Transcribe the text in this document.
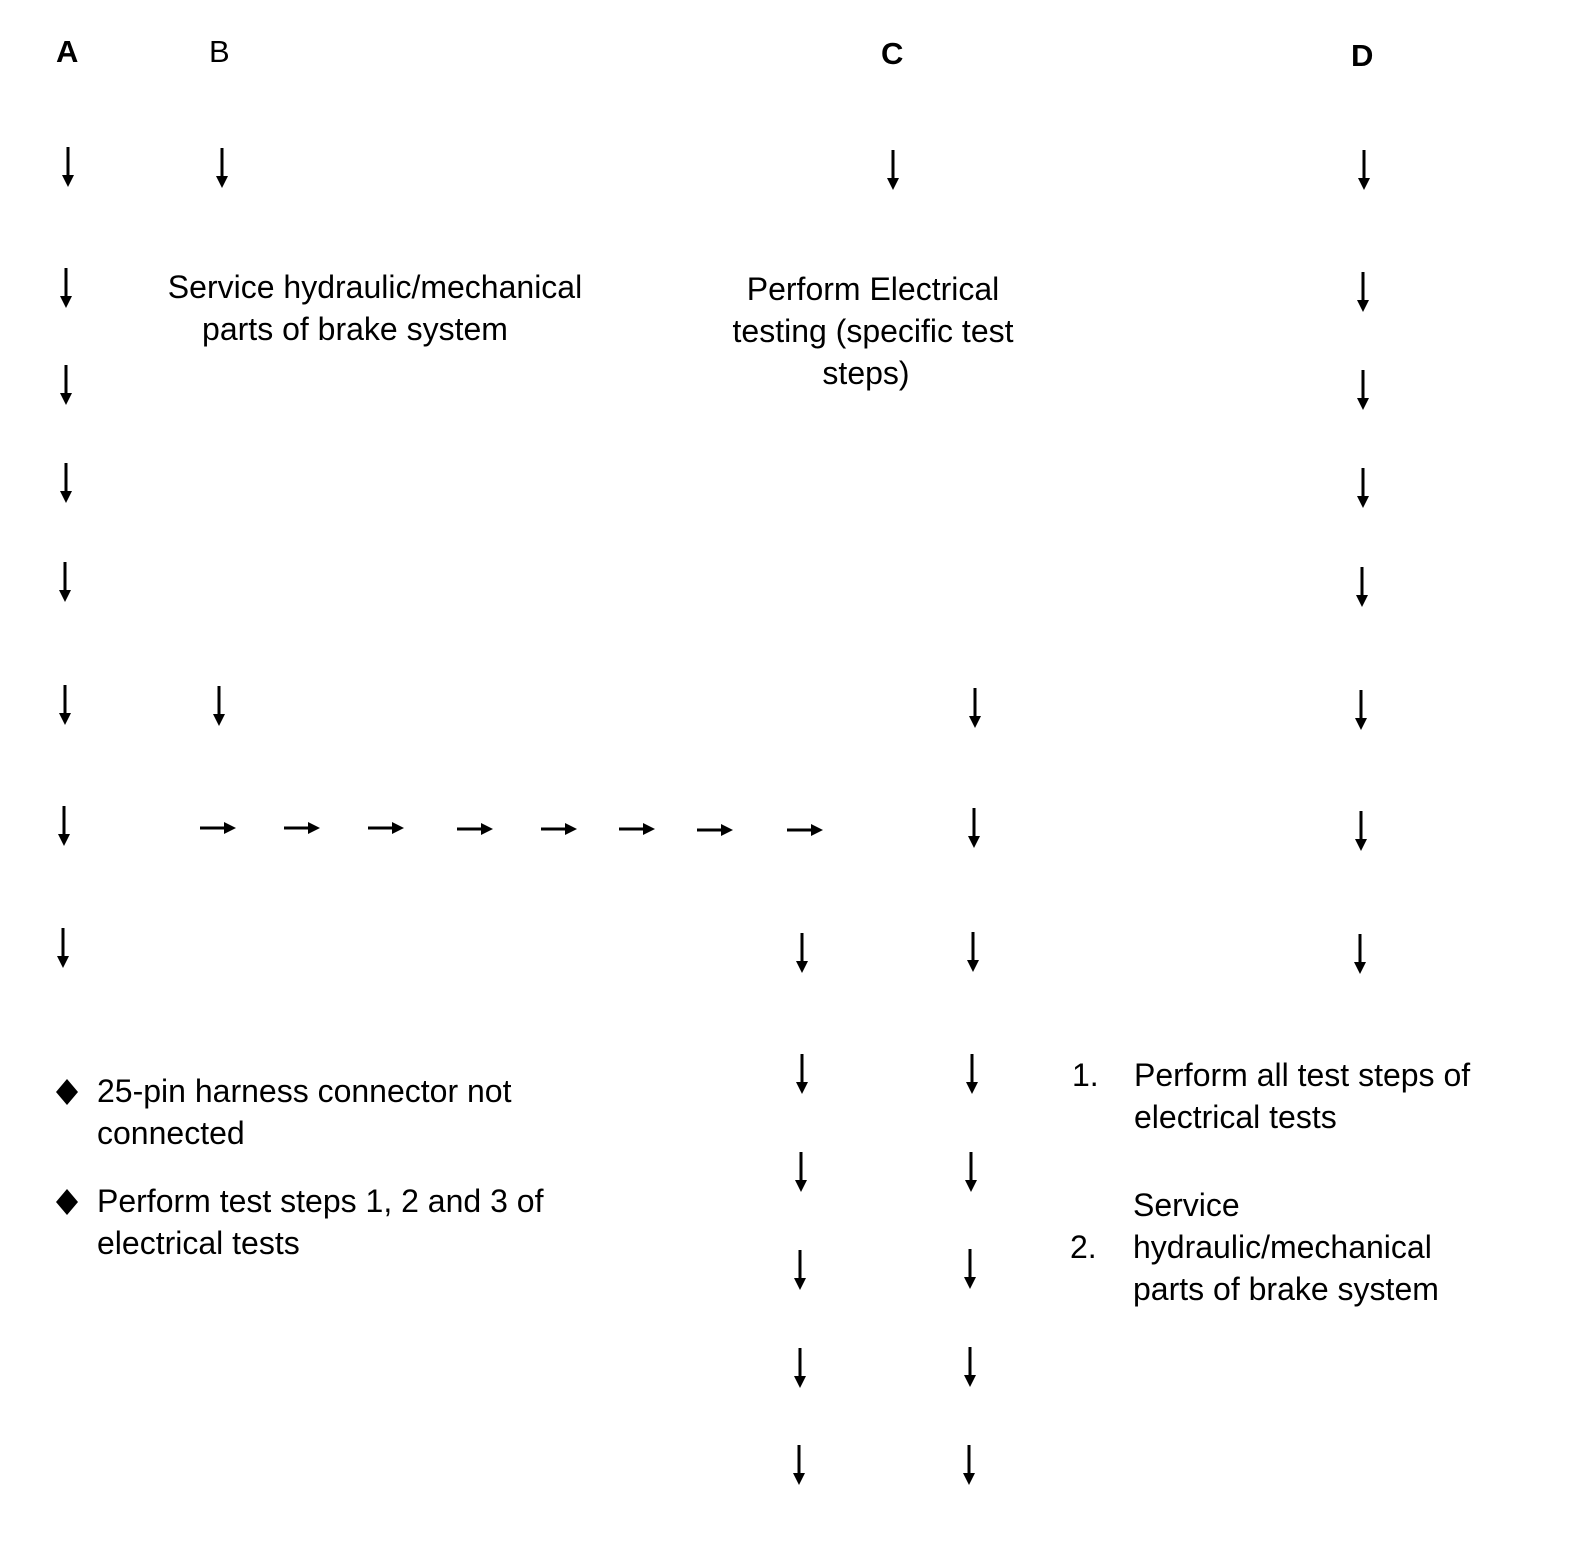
A	B	C	D
Service hydraulic/mechanical
parts of brake system
Perform Electrical
testing (specific test
steps)
25-pin harness connector not
connected
Perform test steps 1, 2 and 3 of
electrical tests
1. Perform all test steps of
electrical tests
2.
Service
hydraulic/mechanical
parts of brake system
